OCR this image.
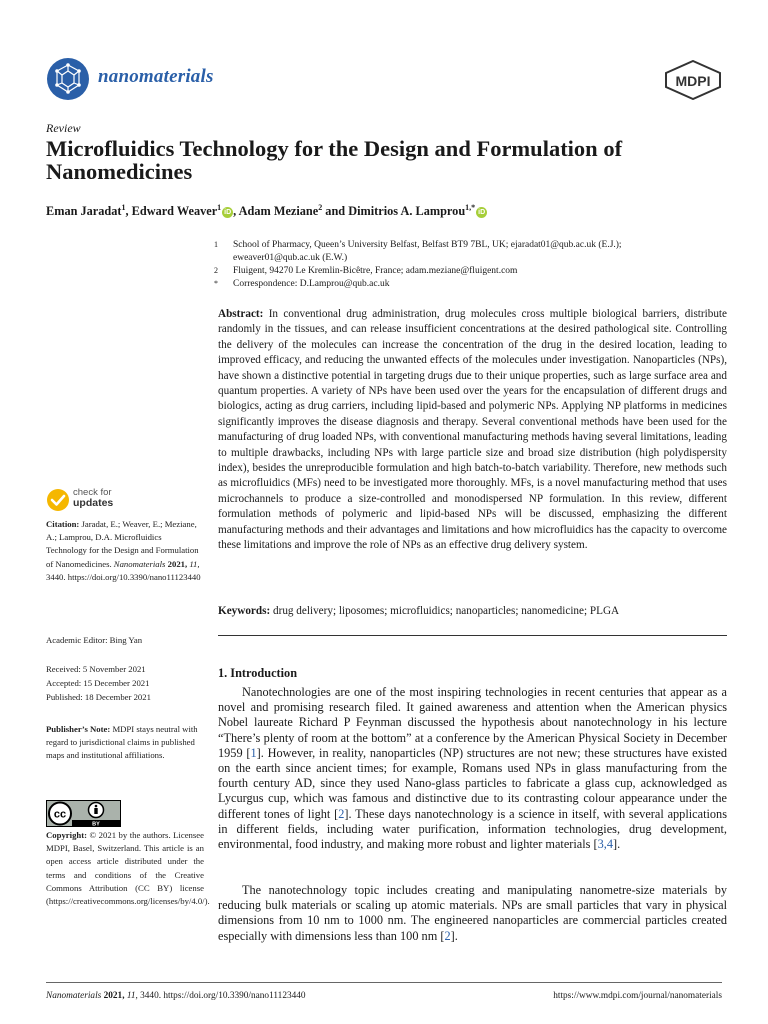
nanomaterials	MDPI
Review
Microfluidics Technology for the Design and Formulation of Nanomedicines
Eman Jaradat$^1$, Edward Weaver$^1$iD , Adam Meziane$^2$ and Dimitrios A. Lamprou$^{1,*}$iD
1 School of Pharmacy, Queen’s University Belfast, Belfast BT9 7BL, UK; ejaradat01@qub.ac.uk (E.J.);
eweaver01@qub.ac.uk (E.W.)
2 Fluigent, 94270 Le Kremlin-Bicêtre, France; adam.meziane@fluigent.com
* Correspondence: D.Lamprou@qub.ac.uk
Abstract: In conventional drug administration, drug molecules cross multiple biological barriers, distribute randomly in the tissues, and can release insufficient concentrations at the desired pathological site. Controlling the delivery of the molecules can increase the concentration of the drug in the desired location, leading to improved efficacy, and reducing the unwanted effects of the molecules under investigation. Nanoparticles (NPs), have shown a distinctive potential in targeting drugs due to their unique properties, such as large surface area and quantum properties. A variety of NPs have been used over the years for the encapsulation of different drugs and biologics, acting as drug carriers, including lipid-based and polymeric NPs. Applying NP platforms in medicines significantly improves the disease diagnosis and therapy. Several conventional methods have been used for the manufacturing of drug loaded NPs, with conventional manufacturing methods having several limitations, leading to multiple drawbacks, including NPs with large particle size and broad size distribution (high polydispersity index), besides the unreproducible formulation and high batch-to-batch variability. Therefore, new methods such as microfluidics (MFs) need to be investigated more thoroughly. MFs, is a novel manufacturing method that uses microchannels to produce a size-controlled and monodispersed NP formulation. In this review, different formulation methods of polymeric and lipid-based NPs will be discussed, emphasizing the different manufacturing methods and their advantages and limitations and how microfluidics has the capacity to overcome these limitations and improve the role of NPs as an effective drug delivery system.
Keywords: drug delivery; liposomes; microfluidics; nanoparticles; nanomedicine; PLGA
check for
updates
Citation: Jaradat, E.; Weaver, E.; Meziane, A.; Lamprou, D.A. Microfluidics Technology for the Design and Formulation of Nanomedicines. Nanomaterials 2021, 11, 3440. https://doi.org/10.3390/nano11123440
Academic Editor: Bing Yan
Received: 5 November 2021
Accepted: 15 December 2021
Published: 18 December 2021
Publisher’s Note: MDPI stays neutral with regard to jurisdictional claims in published maps and institutional affiliations.
cc
BY
Copyright: © 2021 by the authors. Licensee MDPI, Basel, Switzerland. This article is an open access article distributed under the terms and conditions of the Creative Commons Attribution (CC BY) license (https://creativecommons.org/licenses/by/4.0/).
1. Introduction
Nanotechnologies are one of the most inspiring technologies in recent centuries that appear as a novel and promising research filed. It gained awareness and attention when the American physics Nobel laureate Richard P Feynman discussed the hypothesis about nanotechnology in his lecture “There’s plenty of room at the bottom” at a conference by the American Physical Society in December 1959 [1]. However, in reality, nanoparticles (NP) structures are not new; these structures have existed on the earth since ancient times; for example, Romans used NPs in glass manufacturing from the fourth century AD, since they used Nano-glass particles to fabricate a glass cup, acknowledged as Lycurgus cup, which was famous and distinctive due to its contrasting colour appearance under the different tones of light [2]. These days nanotechnology is a science in itself, with several applications in different fields, including water purification, information technologies, drug development, environmental, food industry, and making more robust and lighter materials [3,4].
The nanotechnology topic includes creating and manipulating nanometre-size materials by reducing bulk materials or scaling up atomic materials. NPs are small particles that vary in physical dimensions from 10 nm to 1000 nm. The engineered nanoparticles are commercial particles created especially with dimensions less than 100 nm [2].
Nanomaterials 2021, 11, 3440. https://doi.org/10.3390/nano11123440	https://www.mdpi.com/journal/nanomaterials
